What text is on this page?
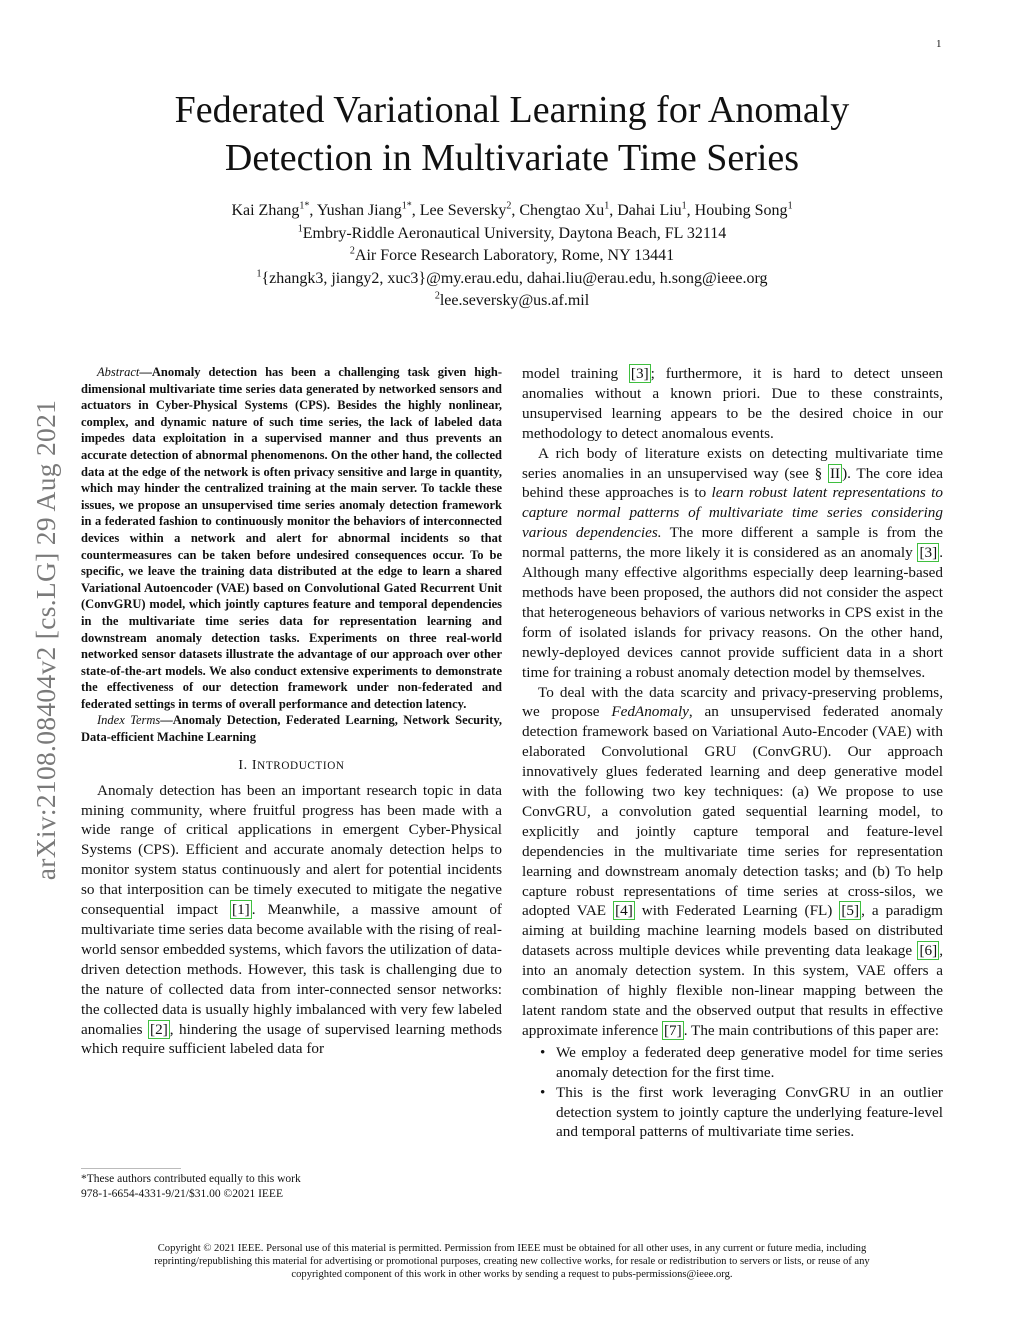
1
arXiv:2108.08404v2 [cs.LG] 29 Aug 2021
Federated Variational Learning for Anomaly
Detection in Multivariate Time Series
Kai Zhang$^{1*}$, Yushan Jiang$^{1*}$, Lee Seversky$^2$, Chengtao Xu$^1$, Dahai Liu$^1$, Houbing Song$^1$
$^1$Embry-Riddle Aeronautical University, Daytona Beach, FL 32114
$^2$Air Force Research Laboratory, Rome, NY 13441
$^1${zhangk3, jiangy2, xuc3}@my.erau.edu, dahai.liu@erau.edu, h.song@ieee.org
$^2$lee.seversky@us.af.mil

Abstract—Anomaly detection has been a challenging task given high-dimensional multivariate time series data generated by networked sensors and actuators in Cyber-Physical Systems (CPS). Besides the highly nonlinear, complex, and dynamic nature of such time series, the lack of labeled data impedes data exploitation in a supervised manner and thus prevents an accurate detection of abnormal phenomenons. On the other hand, the collected data at the edge of the network is often privacy sensitive and large in quantity, which may hinder the centralized training at the main server. To tackle these issues, we propose an unsupervised time series anomaly detection framework in a federated fashion to continuously monitor the behaviors of interconnected devices within a network and alert for abnormal incidents so that countermeasures can be taken before undesired consequences occur. To be specific, we leave the training data distributed at the edge to learn a shared Variational Autoencoder (VAE) based on Convolutional Gated Recurrent Unit (ConvGRU) model, which jointly captures feature and temporal dependencies in the multivariate time series data for representation learning and downstream anomaly detection tasks. Experiments on three real-world networked sensor datasets illustrate the advantage of our approach over other state-of-the-art models. We also conduct extensive experiments to demonstrate the effectiveness of our detection framework under non-federated and federated settings in terms of overall performance and detection latency.

Index Terms—Anomaly Detection, Federated Learning, Network Security, Data-efficient Machine Learning

I. INTRODUCTION

Anomaly detection has been an important research topic in data mining community, where fruitful progress has been made with a wide range of critical applications in emergent Cyber-Physical Systems (CPS). Efficient and accurate anomaly detection helps to monitor system status continuously and alert for potential incidents so that interposition can be timely executed to mitigate the negative consequential impact [1] . Meanwhile, a massive amount of multivariate time series data become available with the rising of real-world sensor embedded systems, which favors the utilization of data-driven detection methods. However, this task is challenging due to the nature of collected data from inter-connected sensor networks: the collected data is usually highly imbalanced with very few labeled anomalies [2] , hindering the usage of supervised learning methods which require sufficient labeled data for

*These authors contributed equally to this work
978-1-6654-4331-9/21/$31.00 ©2021 IEEE

model training [3] ; furthermore, it is hard to detect unseen anomalies without a known priori. Due to these constraints, unsupervised learning appears to be the desired choice in our methodology to detect anomalous events.

A rich body of literature exists on detecting multivariate time series anomalies in an unsupervised way (see § II ). The core idea behind these approaches is to learn robust latent representations to capture normal patterns of multivariate time series considering various dependencies. The more different a sample is from the normal patterns, the more likely it is considered as an anomaly [3] . Although many effective algorithms especially deep learning-based methods have been proposed, the authors did not consider the aspect that heterogeneous behaviors of various networks in CPS exist in the form of isolated islands for privacy reasons. On the other hand, newly-deployed devices cannot provide sufficient data in a short time for training a robust anomaly detection model by themselves.

To deal with the data scarcity and privacy-preserving problems, we propose FedAnomaly, an unsupervised federated anomaly detection framework based on Variational Auto-Encoder (VAE) with elaborated Convolutional GRU (ConvGRU). Our approach innovatively glues federated learning and deep generative model with the following two key techniques: (a) We propose to use ConvGRU, a convolution gated sequential learning model, to explicitly and jointly capture temporal and feature-level dependencies in the multivariate time series for representation learning and downstream anomaly detection tasks; and (b) To help capture robust representations of time series at cross-silos, we adopted VAE [4] with Federated Learning (FL) [5] , a paradigm aiming at building machine learning models based on distributed datasets across multiple devices while preventing data leakage [6] , into an anomaly detection system. In this system, VAE offers a combination of highly flexible non-linear mapping between the latent random state and the observed output that results in effective approximate inference [7] . The main contributions of this paper are:

• We employ a federated deep generative model for time series anomaly detection for the first time.
• This is the first work leveraging ConvGRU in an outlier detection system to jointly capture the underlying feature-level and temporal patterns of multivariate time series.
Copyright © 2021 IEEE. Personal use of this material is permitted. Permission from IEEE must be obtained for all other uses, in any current or future media, including
reprinting/republishing this material for advertising or promotional purposes, creating new collective works, for resale or redistribution to servers or lists, or reuse of any
copyrighted component of this work in other works by sending a request to pubs-permissions@ieee.org.
